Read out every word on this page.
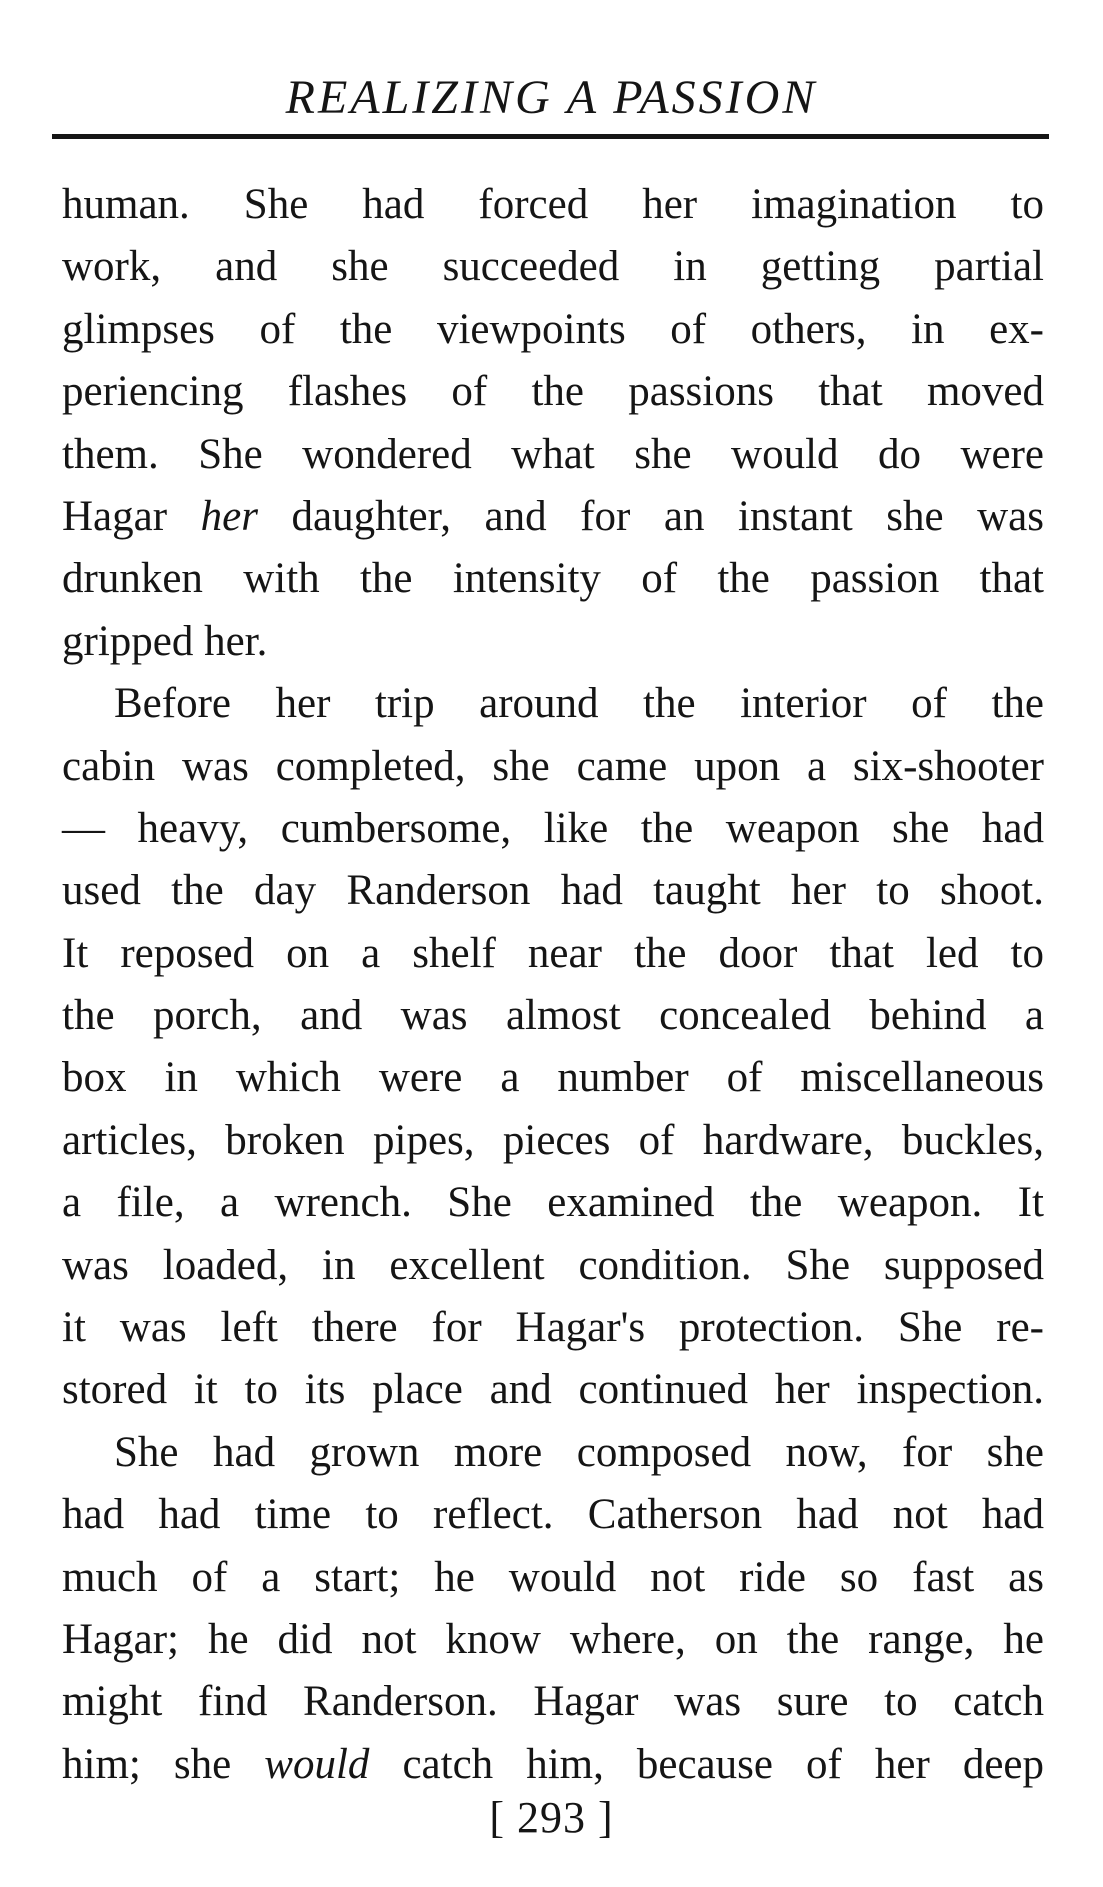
REALIZING A PASSION
human. She had forced her imagination to
work, and she succeeded in getting partial
glimpses of the viewpoints of others, in ex-
periencing flashes of the passions that moved
them. She wondered what she would do were
Hagar her daughter, and for an instant she was
drunken with the intensity of the passion that
gripped her.
Before her trip around the interior of the
cabin was completed, she came upon a six-shooter
— heavy, cumbersome, like the weapon she had
used the day Randerson had taught her to shoot.
It reposed on a shelf near the door that led to
the porch, and was almost concealed behind a
box in which were a number of miscellaneous
articles, broken pipes, pieces of hardware, buckles,
a file, a wrench. She examined the weapon. It
was loaded, in excellent condition. She supposed
it was left there for Hagar's protection. She re-
stored it to its place and continued her inspection.
She had grown more composed now, for she
had had time to reflect. Catherson had not had
much of a start; he would not ride so fast as
Hagar; he did not know where, on the range, he
might find Randerson. Hagar was sure to catch
him; she would catch him, because of her deep
[ 293 ]
